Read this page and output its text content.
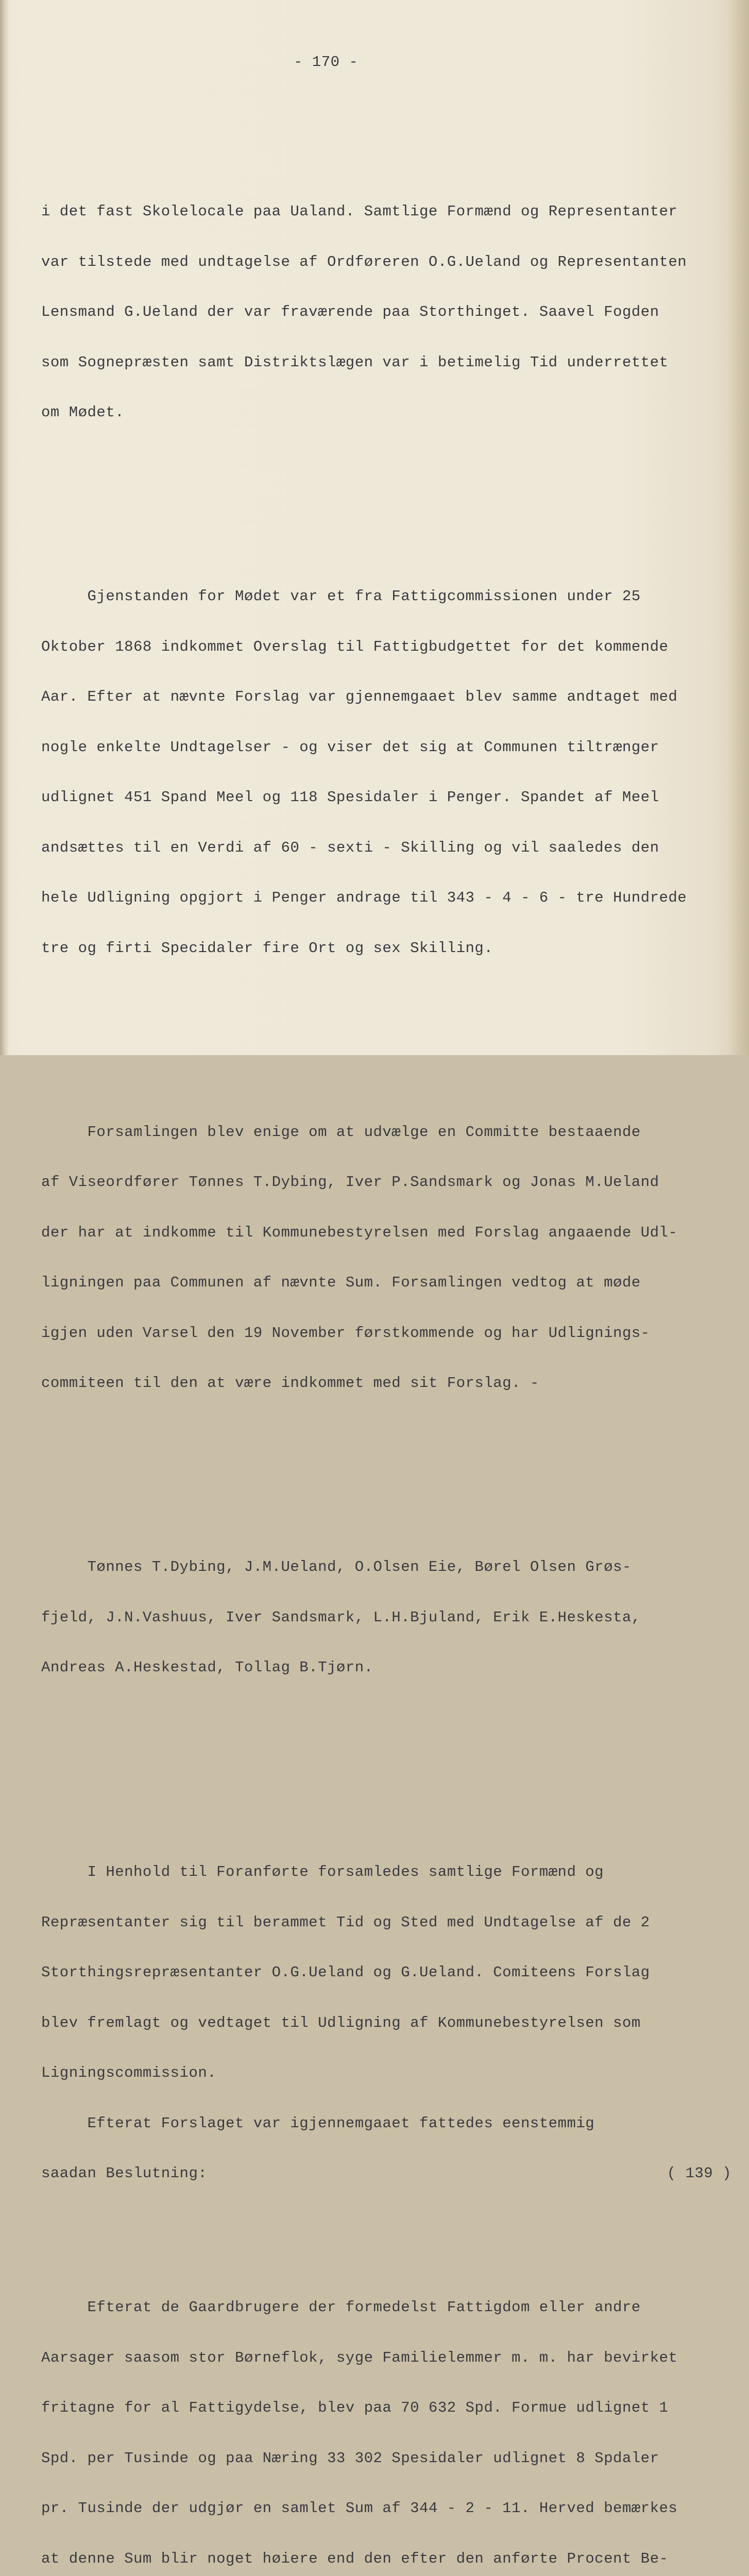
- 170 -

i det fast Skolelocale paa Ualand. Samtlige Formænd og Representanter

var tilstede med undtagelse af Ordføreren O.G.Ueland og Representanten

Lensmand G.Ueland der var fraværende paa Storthinget. Saavel Fogden

som Sognepræsten samt Distriktslægen var i betimelig Tid underrettet

om Mødet.

Gjenstanden for Mødet var et fra Fattigcommissionen under 25

Oktober 1868 indkommet Overslag til Fattigbudgettet for det kommende

Aar. Efter at nævnte Forslag var gjennemgaaet blev samme andtaget med

nogle enkelte Undtagelser - og viser det sig at Communen tiltrænger

udlignet 451 Spand Meel og 118 Spesidaler i Penger. Spandet af Meel

andsættes til en Verdi af 60 - sexti - Skilling og vil saaledes den

hele Udligning opgjort i Penger andrage til 343 - 4 - 6 - tre Hundrede

tre og firti Specidaler fire Ort og sex Skilling.

Forsamlingen blev enige om at udvælge en Committe bestaaende

af Viseordfører Tønnes T.Dybing, Iver P.Sandsmark og Jonas M.Ueland

der har at indkomme til Kommunebestyrelsen med Forslag angaaende Udl-

ligningen paa Communen af nævnte Sum. Forsamlingen vedtog at møde

igjen uden Varsel den 19 November førstkommende og har Udlignings-

commiteen til den at være indkommet med sit Forslag. -

Tønnes T.Dybing, J.M.Ueland, O.Olsen Eie, Børel Olsen Grøs-

fjeld, J.N.Vashuus, Iver Sandsmark, L.H.Bjuland, Erik E.Heskesta,

Andreas A.Heskestad, Tollag B.Tjørn.

I Henhold til Foranførte forsamledes samtlige Formænd og

Repræsentanter sig til berammet Tid og Sted med Undtagelse af de 2

Storthingsrepræsentanter O.G.Ueland og G.Ueland. Comiteens Forslag

blev fremlagt og vedtaget til Udligning af Kommunebestyrelsen som

Ligningscommission.

Efterat Forslaget var igjennemgaaet fattedes eenstemmig

saadan Beslutning:	( 139 )

Efterat de Gaardbrugere der formedelst Fattigdom eller andre

Aarsager saasom stor Børneflok, syge Familielemmer m. m. har bevirket

fritagne for al Fattigydelse, blev paa 70 632 Spd. Formue udlignet 1

Spd. per Tusinde og paa Næring 33 302 Spesidaler udlignet 8 Spdaler

pr. Tusinde der udgjør en samlet Sum af 344 - 2 - 11. Herved bemærkes

at denne Sum blir noget høiere end den efter den anførte Procent Be-
